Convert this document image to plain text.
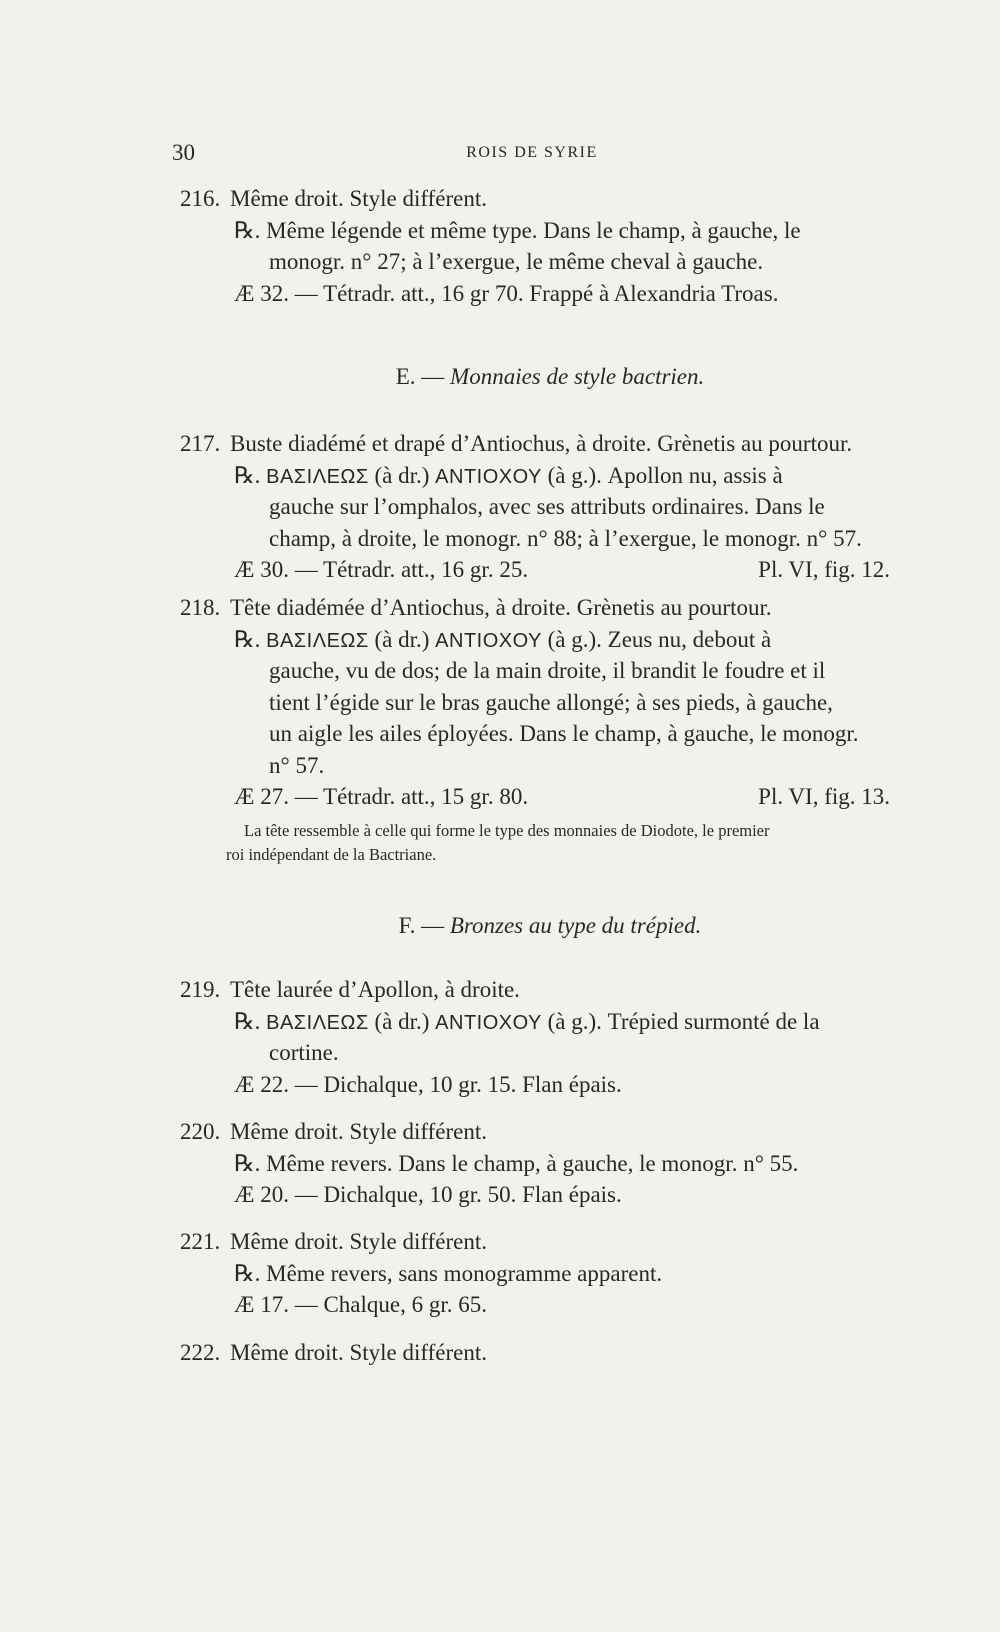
30	ROIS DE SYRIE
216. Même droit. Style différent.
℞. Même légende et même type. Dans le champ, à gauche, le
monogr. n° 27; à l’exergue, le même cheval à gauche.
Æ 32. — Tétradr. att., 16 gr 70. Frappé à Alexandria Troas.
E. — Monnaies de style bactrien.
217. Buste diadémé et drapé d’Antiochus, à droite. Grènetis au pourtour.
℞. ΒΑΣΙΛΕΩΣ (à dr.) ΑΝΤΙΟΧΟΥ (à g.). Apollon nu, assis à
gauche sur l’omphalos, avec ses attributs ordinaires. Dans le
champ, à droite, le monogr. n° 88; à l’exergue, le monogr. n° 57.
Æ 30. — Tétradr. att., 16 gr. 25.	Pl. VI, fig. 12.
218. Tête diadémée d’Antiochus, à droite. Grènetis au pourtour.
℞. ΒΑΣΙΛΕΩΣ (à dr.) ΑΝΤΙΟΧΟΥ (à g.). Zeus nu, debout à
gauche, vu de dos; de la main droite, il brandit le foudre et il
tient l’égide sur le bras gauche allongé; à ses pieds, à gauche,
un aigle les ailes éployées. Dans le champ, à gauche, le monogr.
n° 57.
Æ 27. — Tétradr. att., 15 gr. 80.	Pl. VI, fig. 13.
La tête ressemble à celle qui forme le type des monnaies de Diodote, le premier
roi indépendant de la Bactriane.
F. — Bronzes au type du trépied.
219. Tête laurée d’Apollon, à droite.
℞. ΒΑΣΙΛΕΩΣ (à dr.) ΑΝΤΙΟΧΟΥ (à g.). Trépied surmonté de la
cortine.
Æ 22. — Dichalque, 10 gr. 15. Flan épais.
220. Même droit. Style différent.
℞. Même revers. Dans le champ, à gauche, le monogr. n° 55.
Æ 20. — Dichalque, 10 gr. 50. Flan épais.
221. Même droit. Style différent.
℞. Même revers, sans monogramme apparent.
Æ 17. — Chalque, 6 gr. 65.
222. Même droit. Style différent.
